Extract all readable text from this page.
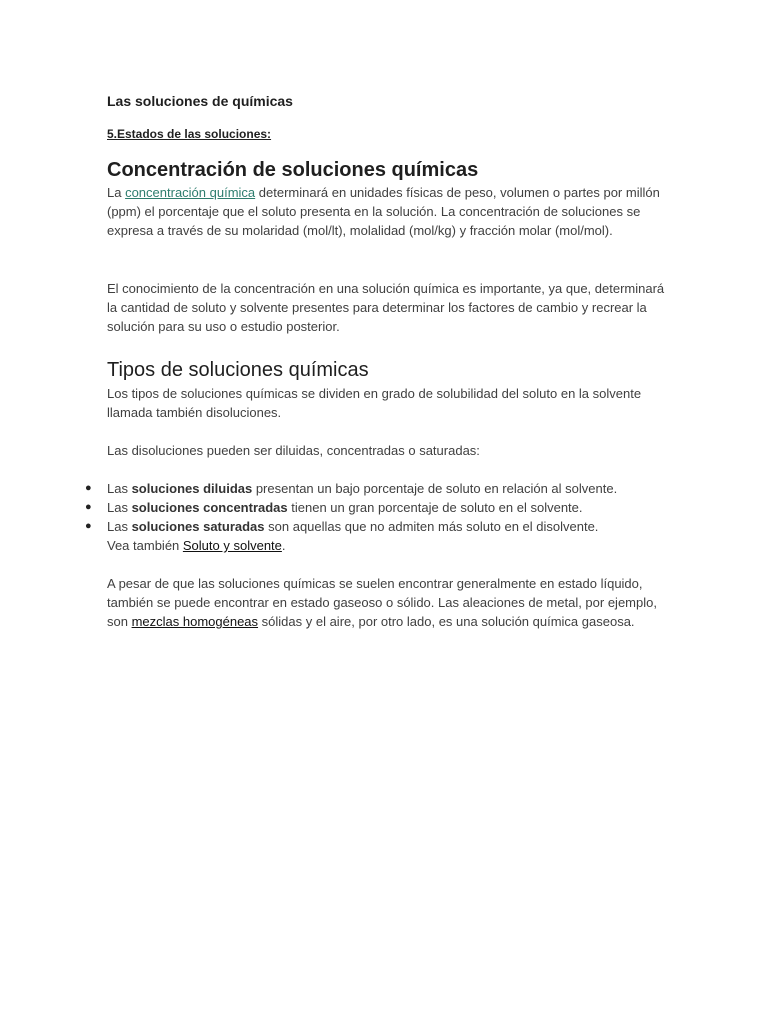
Las soluciones de químicas
5.Estados de las soluciones:
Concentración de soluciones químicas
La concentración química determinará en unidades físicas de peso, volumen o partes por millón (ppm) el porcentaje que el soluto presenta en la solución. La concentración de soluciones se expresa a través de su molaridad (mol/lt), molalidad (mol/kg) y fracción molar (mol/mol).
El conocimiento de la concentración en una solución química es importante, ya que, determinará la cantidad de soluto y solvente presentes para determinar los factores de cambio y recrear la solución para su uso o estudio posterior.
Tipos de soluciones químicas
Los tipos de soluciones químicas se dividen en grado de solubilidad del soluto en la solvente llamada también disoluciones.
Las disoluciones pueden ser diluidas, concentradas o saturadas:
● Las soluciones diluidas presentan un bajo porcentaje de soluto en relación al solvente.
● Las soluciones concentradas tienen un gran porcentaje de soluto en el solvente.
● Las soluciones saturadas son aquellas que no admiten más soluto en el disolvente.
Vea también Soluto y solvente.
A pesar de que las soluciones químicas se suelen encontrar generalmente en estado líquido, también se puede encontrar en estado gaseoso o sólido. Las aleaciones de metal, por ejemplo, son mezclas homogéneas sólidas y el aire, por otro lado, es una solución química gaseosa.
